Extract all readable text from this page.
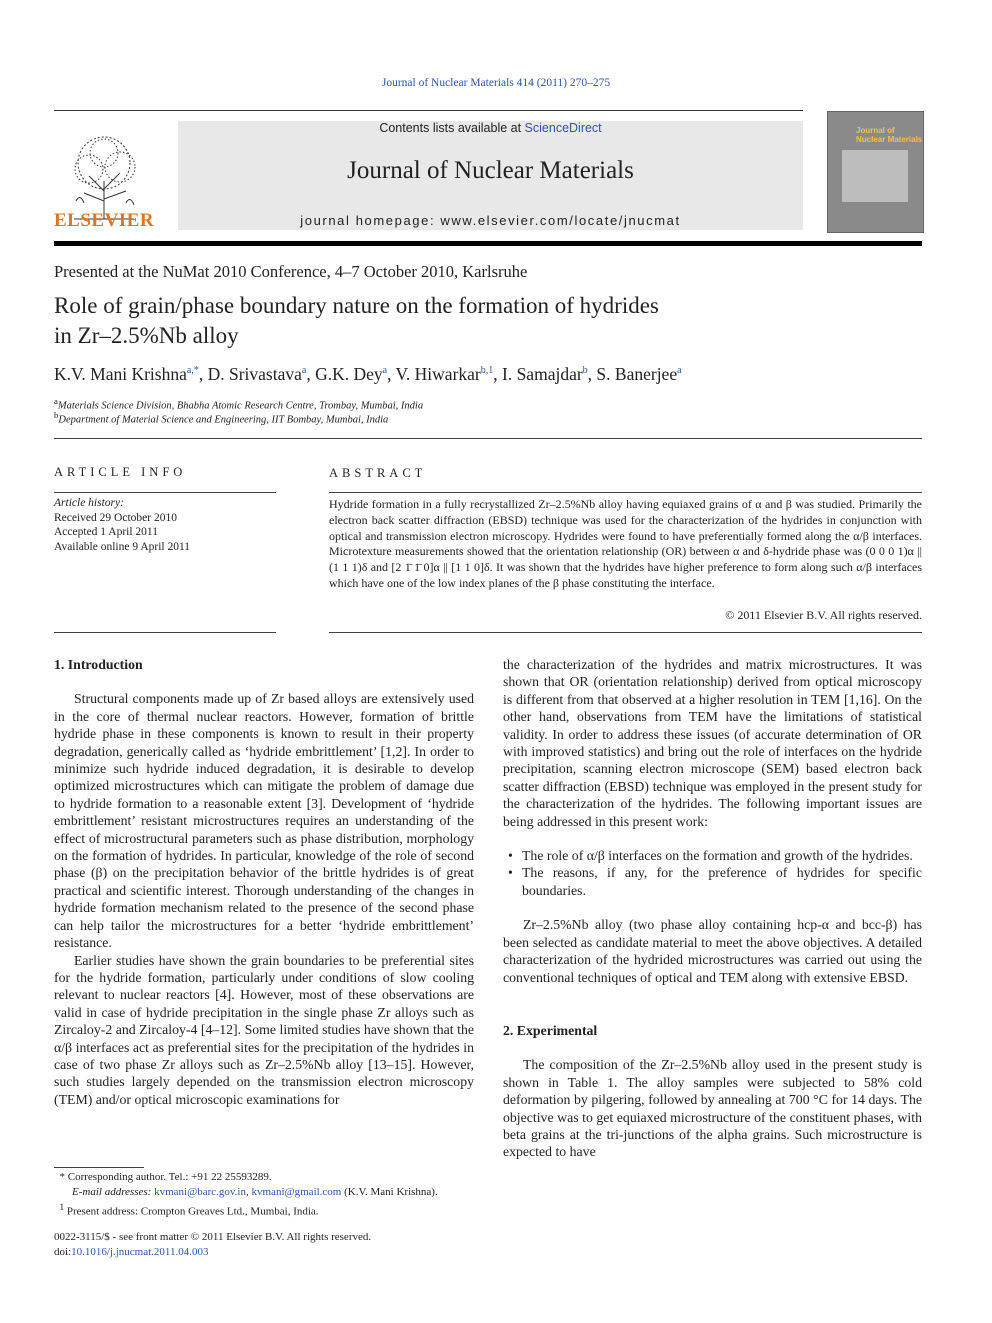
Journal of Nuclear Materials 414 (2011) 270–275
ELSEVIER
Contents lists available at ScienceDirect
Journal of Nuclear Materials
journal homepage: www.elsevier.com/locate/jnucmat
Journal of
Nuclear Materials
Presented at the NuMat 2010 Conference, 4–7 October 2010, Karlsruhe
Role of grain/phase boundary nature on the formation of hydrides
in Zr–2.5%Nb alloy
K.V. Mani Krishna$^{a,*}$, D. Srivastava$^a$, G.K. Dey$^a$, V. Hiwarkar$^{b,1}$, I. Samajdar$^b$, S. Banerjee$^a$
$^a$Materials Science Division, Bhabha Atomic Research Centre, Trombay, Mumbai, India
$^b$Department of Material Science and Engineering, IIT Bombay, Mumbai, India
ARTICLE INFO
Article history:
Received 29 October 2010
Accepted 1 April 2011
Available online 9 April 2011
ABSTRACT
Hydride formation in a fully recrystallized Zr–2.5%Nb alloy having equiaxed grains of α and β was studied. Primarily the electron back scatter diffraction (EBSD) technique was used for the characterization of the hydrides in conjunction with optical and transmission electron microscopy. Hydrides were found to have preferentially formed along the α/β interfaces. Microtexture measurements showed that the orientation relationship (OR) between α and δ-hydride phase was (0 0 0 1)α || (1 1 1)δ and [2 1̄ 1̄ 0]α || [1 1 0]δ. It was shown that the hydrides have higher preference to form along such α/β interfaces which have one of the low index planes of the β phase constituting the interface.
© 2011 Elsevier B.V. All rights reserved.
1. Introduction

Structural components made up of Zr based alloys are extensively used in the core of thermal nuclear reactors. However, formation of brittle hydride phase in these components is known to result in their property degradation, generically called as ‘hydride embrittlement’ [1,2]. In order to minimize such hydride induced degradation, it is desirable to develop optimized microstructures which can mitigate the problem of damage due to hydride formation to a reasonable extent [3]. Development of ‘hydride embrittlement’ resistant microstructures requires an understanding of the effect of microstructural parameters such as phase distribution, morphology on the formation of hydrides. In particular, knowledge of the role of second phase (β) on the precipitation behavior of the brittle hydrides is of great practical and scientific interest. Thorough understanding of the changes in hydride formation mechanism related to the presence of the second phase can help tailor the microstructures for a better ‘hydride embrittlement’ resistance.

Earlier studies have shown the grain boundaries to be preferential sites for the hydride formation, particularly under conditions of slow cooling relevant to nuclear reactors [4]. However, most of these observations are valid in case of hydride precipitation in the single phase Zr alloys such as Zircaloy-2 and Zircaloy-4 [4–12]. Some limited studies have shown that the α/β interfaces act as preferential sites for the precipitation of the hydrides in case of two phase Zr alloys such as Zr–2.5%Nb alloy [13–15]. However, such studies largely depended on the transmission electron microscopy (TEM) and/or optical microscopic examinations for

the characterization of the hydrides and matrix microstructures. It was shown that OR (orientation relationship) derived from optical microscopy is different from that observed at a higher resolution in TEM [1,16]. On the other hand, observations from TEM have the limitations of statistical validity. In order to address these issues (of accurate determination of OR with improved statistics) and bring out the role of interfaces on the hydride precipitation, scanning electron microscope (SEM) based electron back scatter diffraction (EBSD) technique was employed in the present study for the characterization of the hydrides. The following important issues are being addressed in this present work:

• The role of α/β interfaces on the formation and growth of the hydrides.
• The reasons, if any, for the preference of hydrides for specific boundaries.

Zr–2.5%Nb alloy (two phase alloy containing hcp-α and bcc-β) has been selected as candidate material to meet the above objectives. A detailed characterization of the hydrided microstructures was carried out using the conventional techniques of optical and TEM along with extensive EBSD.

2. Experimental

The composition of the Zr–2.5%Nb alloy used in the present study is shown in Table 1. The alloy samples were subjected to 58% cold deformation by pilgering, followed by annealing at 700 °C for 14 days. The objective was to get equiaxed microstructure of the constituent phases, with beta grains at the tri-junctions of the alpha grains. Such microstructure is expected to have

* Corresponding author. Tel.: +91 22 25593289.
E-mail addresses: kvmani@barc.gov.in, kvmani@gmail.com (K.V. Mani Krishna).
$^1$ Present address: Crompton Greaves Ltd., Mumbai, India.
0022-3115/$ - see front matter © 2011 Elsevier B.V. All rights reserved.
doi:10.1016/j.jnucmat.2011.04.003
